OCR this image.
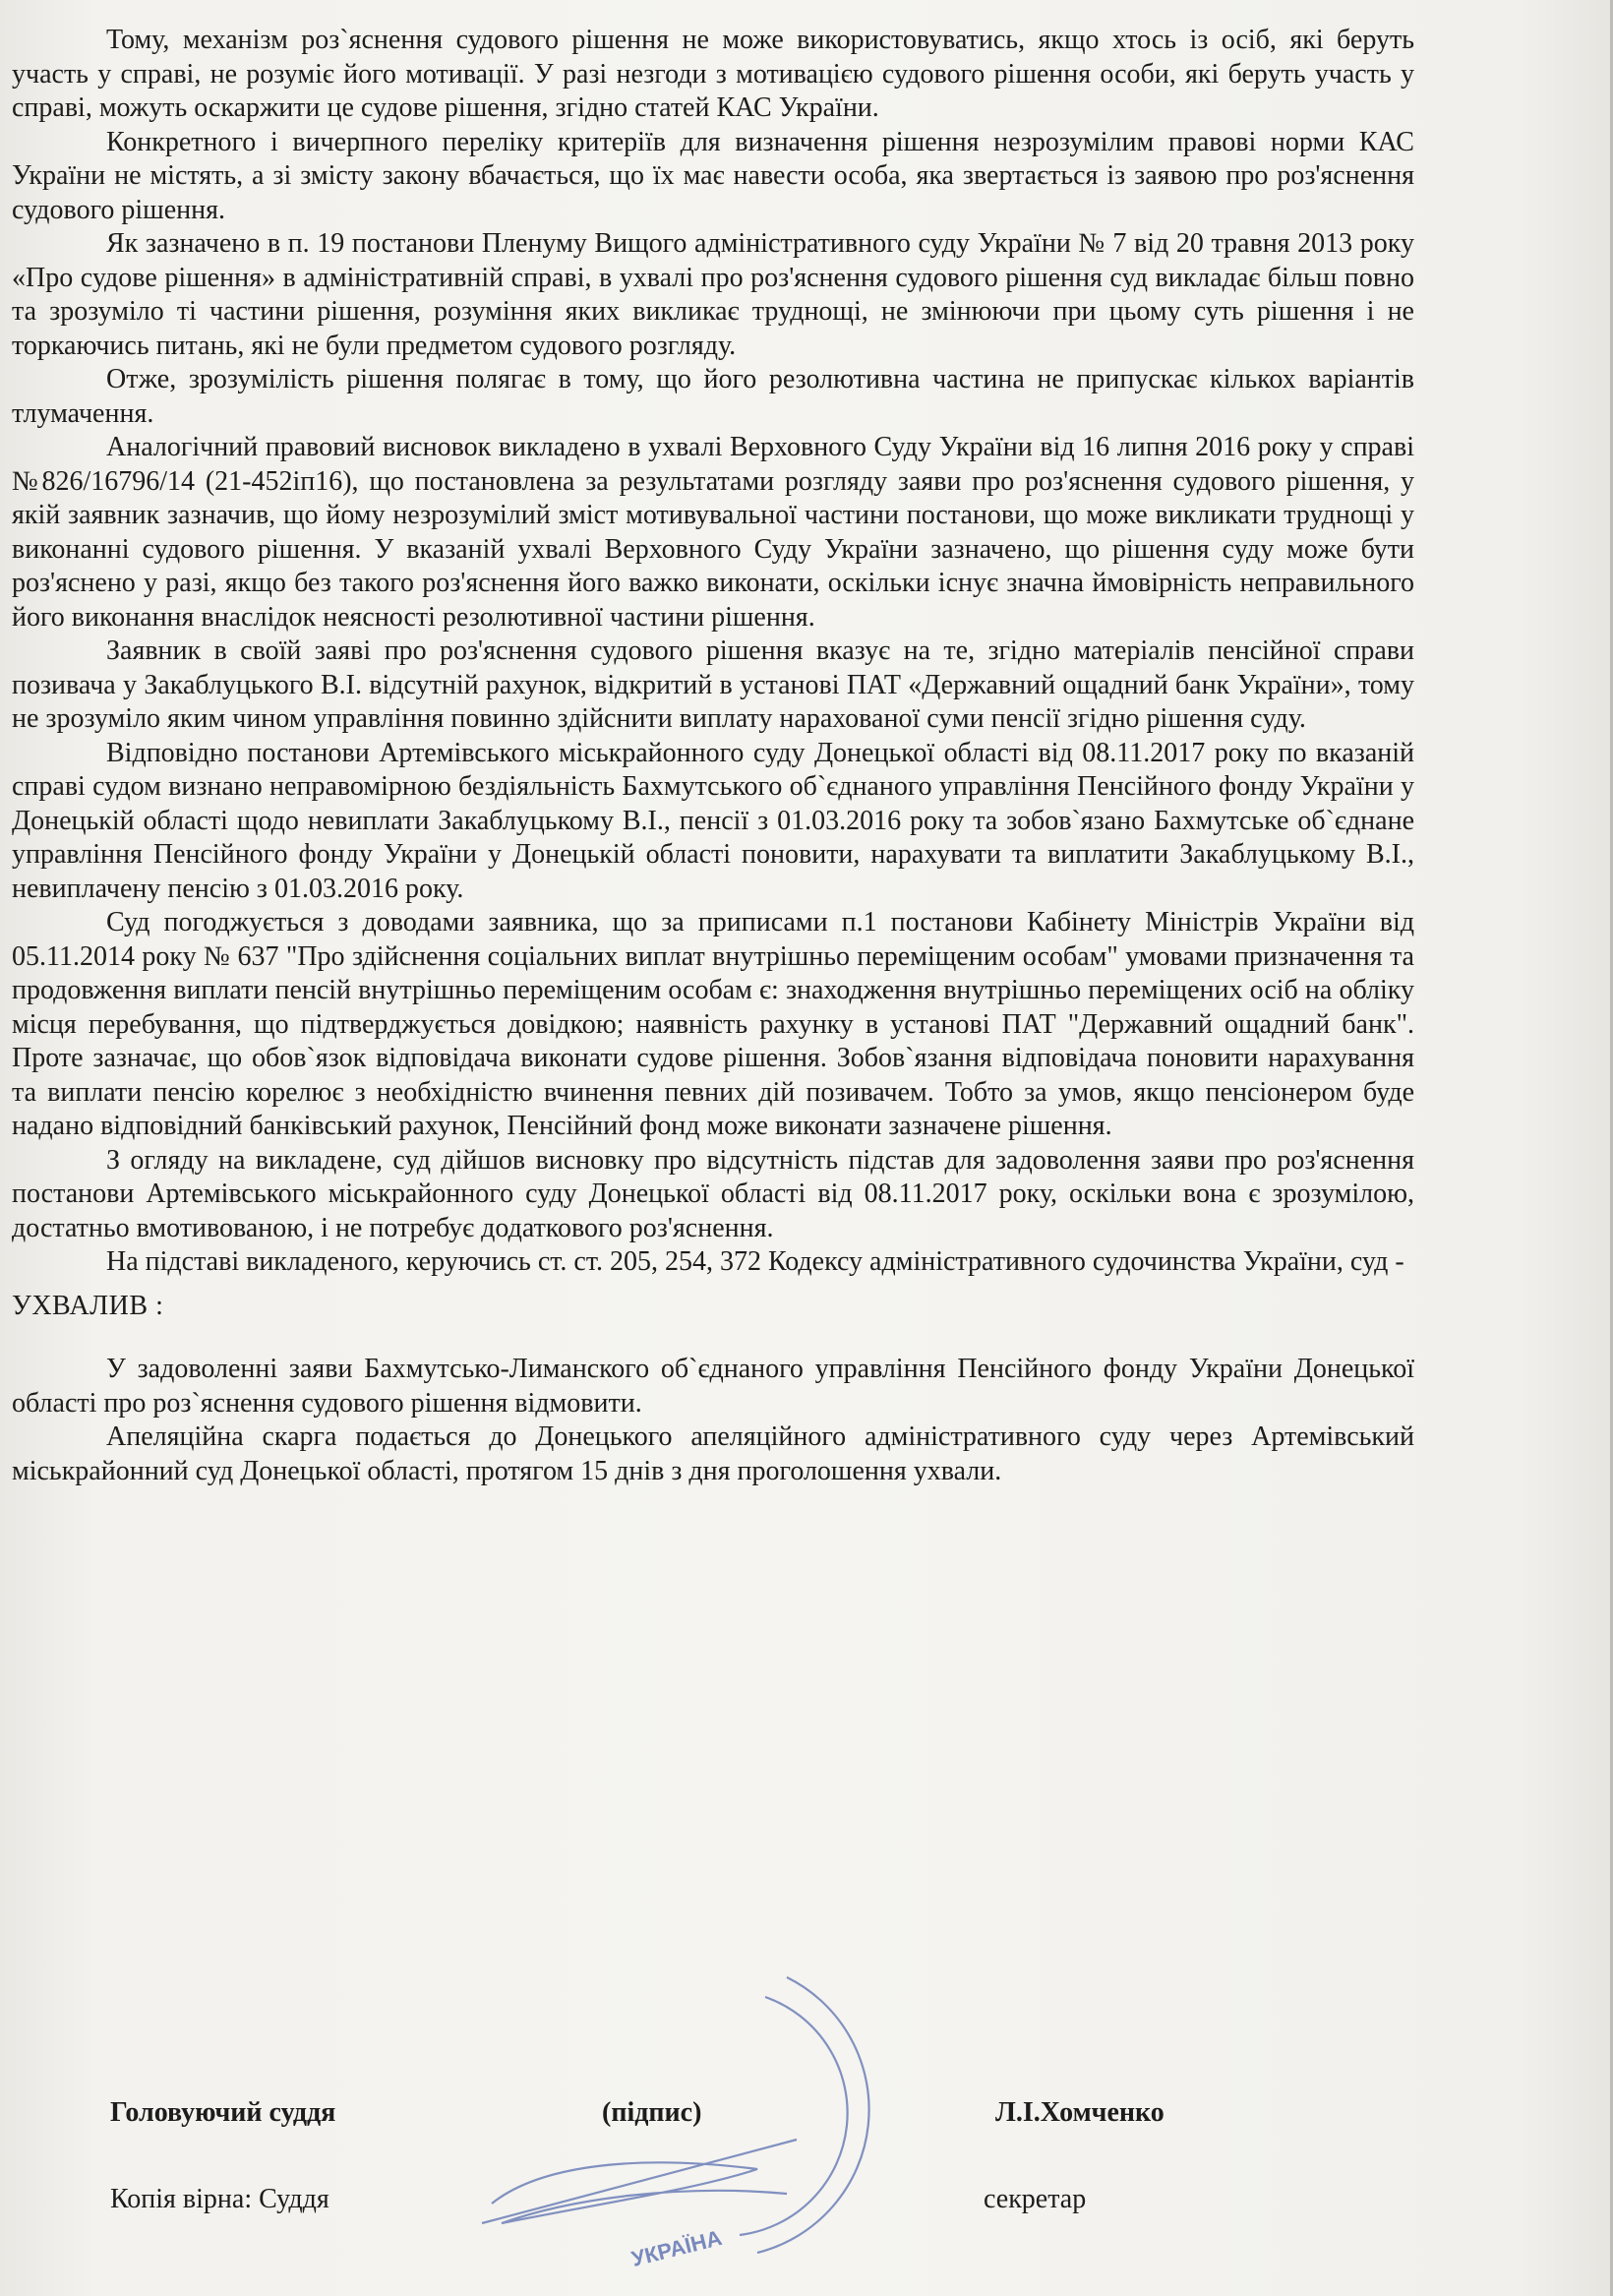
Тому, механізм роз`яснення судового рішення не може використовуватись, якщо хтось із осіб, які беруть участь у справі, не розуміє його мотивації. У разі незгоди з мотивацією судового рішення особи, які беруть участь у справі, можуть оскаржити це судове рішення, згідно статей КАС України.

Конкретного і вичерпного переліку критеріїв для визначення рішення незрозумілим правові норми КАС України не містять, а зі змісту закону вбачається, що їх має навести особа, яка звертається із заявою про роз'яснення судового рішення.

Як зазначено в п. 19 постанови Пленуму Вищого адміністративного суду України № 7 від 20 травня 2013 року «Про судове рішення» в адміністративній справі, в ухвалі про роз'яснення судового рішення суд викладає більш повно та зрозуміло ті частини рішення, розуміння яких викликає труднощі, не змінюючи при цьому суть рішення і не торкаючись питань, які не були предметом судового розгляду.

Отже, зрозумілість рішення полягає в тому, що його резолютивна частина не припускає кількох варіантів тлумачення.

Аналогічний правовий висновок викладено в ухвалі Верховного Суду України від 16 липня 2016 року у справі №826/16796/14 (21-452іп16), що постановлена за результатами розгляду заяви про роз'яснення судового рішення, у якій заявник зазначив, що йому незрозумілий зміст мотивувальної частини постанови, що може викликати труднощі у виконанні судового рішення. У вказаній ухвалі Верховного Суду України зазначено, що рішення суду може бути роз'яснено у разі, якщо без такого роз'яснення його важко виконати, оскільки існує значна ймовірність неправильного його виконання внаслідок неясності резолютивної частини рішення.

Заявник в своїй заяві про роз'яснення судового рішення вказує на те, згідно матеріалів пенсійної справи позивача у Закаблуцького В.І. відсутній рахунок, відкритий в установі ПАТ «Державний ощадний банк України», тому не зрозуміло яким чином управління повинно здійснити виплату нарахованої суми пенсії згідно рішення суду.

Відповідно постанови Артемівського міськрайонного суду Донецької області від 08.11.2017 року по вказаній справі судом визнано неправомірною бездіяльність Бахмутського об`єднаного управління Пенсійного фонду України у Донецькій області щодо невиплати Закаблуцькому В.І., пенсії з 01.03.2016 року та зобов`язано Бахмутське об`єднане управління Пенсійного фонду України у Донецькій області поновити, нарахувати та виплатити Закаблуцькому В.І., невиплачену пенсію з 01.03.2016 року.

Суд погоджується з доводами заявника, що за приписами п.1 постанови Кабінету Міністрів України від 05.11.2014 року № 637 "Про здійснення соціальних виплат внутрішньо переміщеним особам" умовами призначення та продовження виплати пенсій внутрішньо переміщеним особам є: знаходження внутрішньо переміщених осіб на обліку місця перебування, що підтверджується довідкою; наявність рахунку в установі ПАТ "Державний ощадний банк". Проте зазначає, що обов`язок відповідача виконати судове рішення. Зобов`язання відповідача поновити нарахування та виплати пенсію корелює з необхідністю вчинення певних дій позивачем. Тобто за умов, якщо пенсіонером буде надано відповідний банківський рахунок, Пенсійний фонд може виконати зазначене рішення.

З огляду на викладене, суд дійшов висновку про відсутність підстав для задоволення заяви про роз'яснення постанови Артемівського міськрайонного суду Донецької області від 08.11.2017 року, оскільки вона є зрозумілою, достатньо вмотивованою, і не потребує додаткового роз'яснення.

На підставі викладеного, керуючись ст. ст. 205, 254, 372 Кодексу адміністративного судочинства України, суд -

УХВАЛИВ :

У задоволенні заяви Бахмутсько-Лиманского об`єднаного управління Пенсійного фонду України Донецької області про роз`яснення судового рішення відмовити.

Апеляційна скарга подається до Донецького апеляційного адміністративного суду через Артемівський міськрайонний суд Донецької області, протягом 15 днів з дня проголошення ухвали.

Головуючий суддя	(підпис)	Л.І.Хомченко
Копія вірна: Суддя	секретар
УКРАЇНА
